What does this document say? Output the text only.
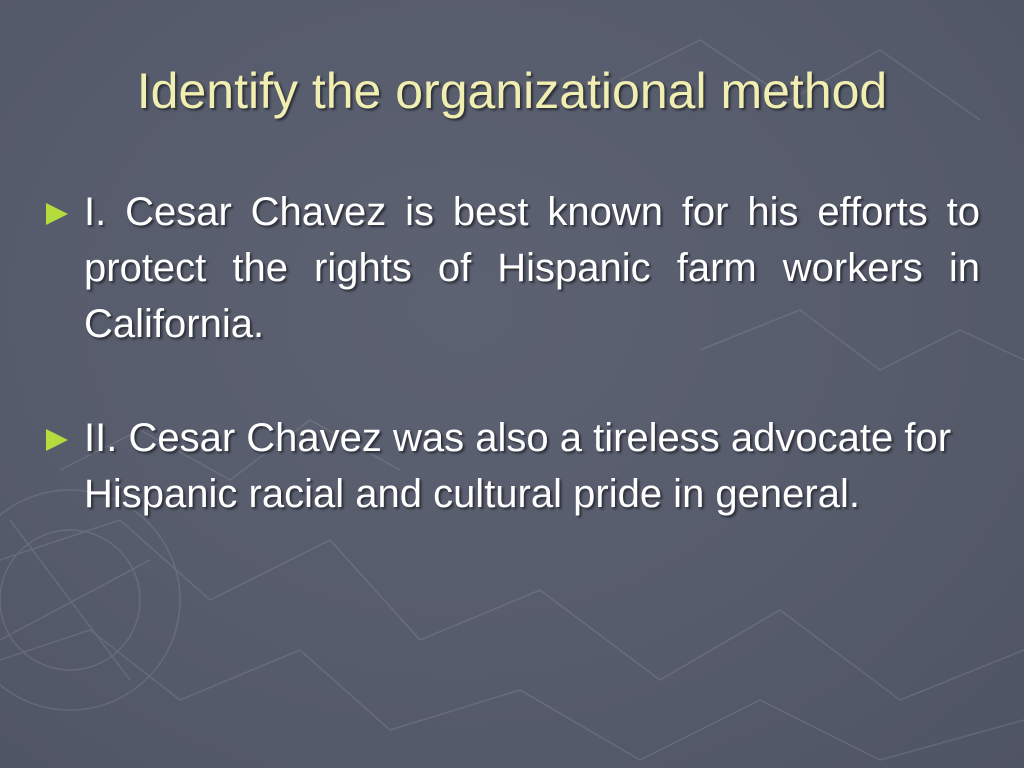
Identify the organizational method
I. Cesar Chavez is best known for his efforts to protect the rights of Hispanic farm workers in California.
II. Cesar Chavez was also a tireless advocate for Hispanic racial and cultural pride in general.
